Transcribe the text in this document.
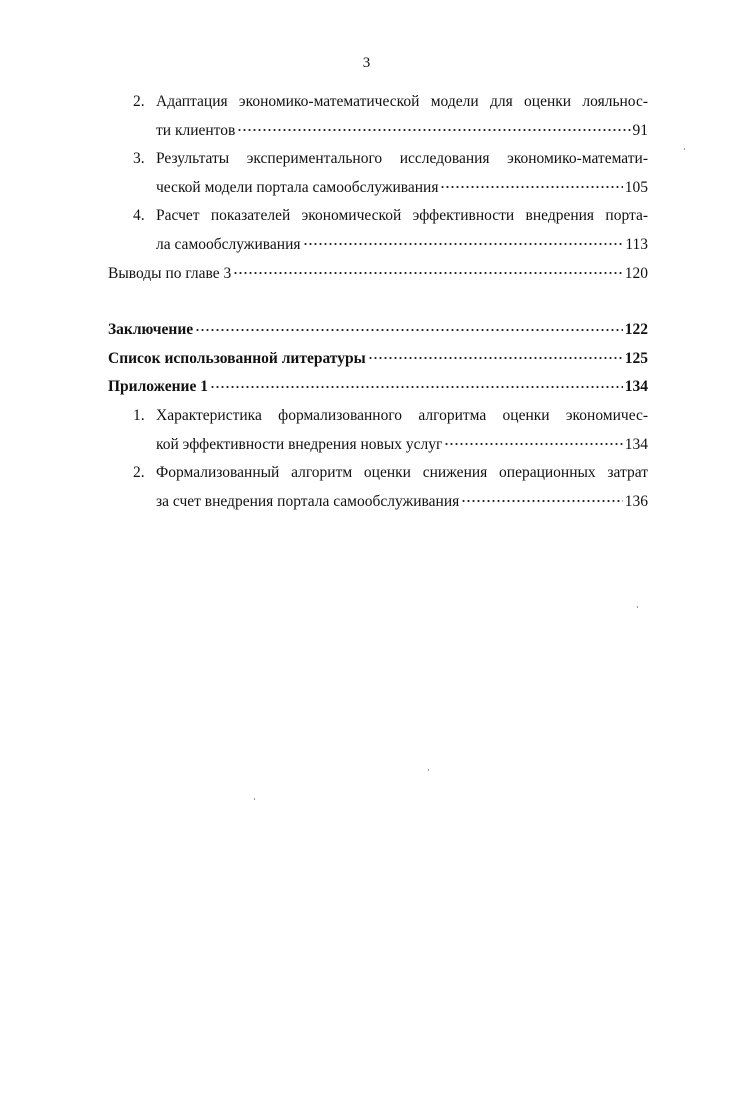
3
2. Адаптация экономико-математической модели для оценки лояльнос-
ти клиентов	91
3. Результаты экспериментального исследования экономико-математи-
ческой модели портала самообслуживания	105
4. Расчет показателей экономической эффективности внедрения порта-
ла самообслуживания	113
Выводы по главе 3	120
Заключение	122
Список использованной литературы	125
Приложение 1	134
1. Характеристика формализованного алгоритма оценки экономичес-
кой эффективности внедрения новых услуг	134
2. Формализованный алгоритм оценки снижения операционных затрат
за счет внедрения портала самообслуживания	136
